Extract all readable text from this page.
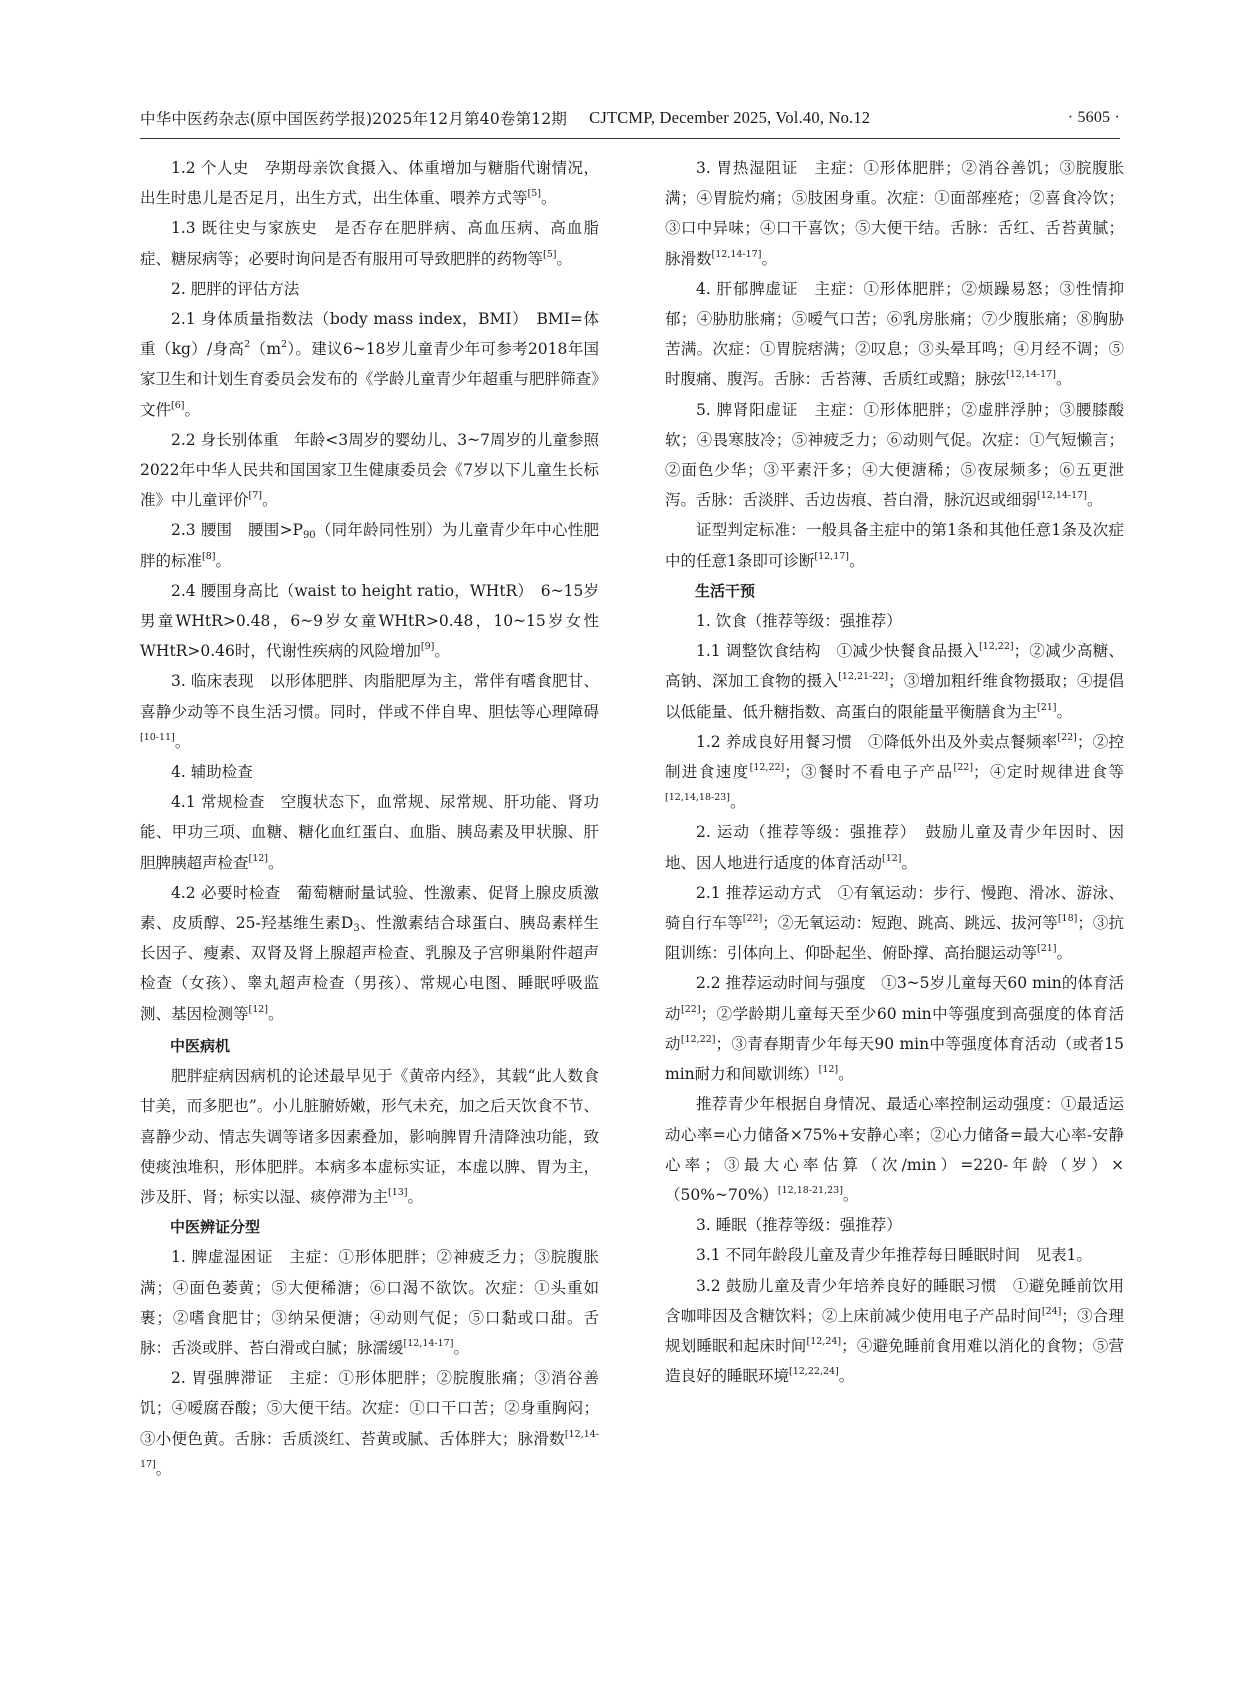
中华中医药杂志(原中国医药学报)2025年12月第40卷第12期 CJTCMP, December 2025, Vol.40, No.12	· 5605 ·

1.2 个人史　孕期母亲饮食摄入、体重增加与糖脂代谢情况，出生时患儿是否足月，出生方式，出生体重、喂养方式等[5]。

1.3 既往史与家族史　是否存在肥胖病、高血压病、高血脂症、糖尿病等；必要时询问是否有服用可导致肥胖的药物等[5]。

2. 肥胖的评估方法

2.1 身体质量指数法（body mass index，BMI）　BMI=体重（kg）/身高$^2$（m$^2$）。建议6~18岁儿童青少年可参考2018年国家卫生和计划生育委员会发布的《学龄儿童青少年超重与肥胖筛查》文件[6]。

2.2 身长别体重　年龄<3周岁的婴幼儿、3~7周岁的儿童参照2022年中华人民共和国国家卫生健康委员会《7岁以下儿童生长标准》中儿童评价[7]。

2.3 腰围　腰围$>P_{90}$（同年龄同性别）为儿童青少年中心性肥胖的标准[8]。

2.4 腰围身高比（waist to height ratio，WHtR）　6~15岁男童WHtR>0.48，6~9岁女童WHtR>0.48，10~15岁女性WHtR>0.46时，代谢性疾病的风险增加[9]。

3. 临床表现　以形体肥胖、肉脂肥厚为主，常伴有嗜食肥甘、喜静少动等不良生活习惯。同时，伴或不伴自卑、胆怯等心理障碍[10-11]。

4. 辅助检查

4.1 常规检查　空腹状态下，血常规、尿常规、肝功能、肾功能、甲功三项、血糖、糖化血红蛋白、血脂、胰岛素及甲状腺、肝胆脾胰超声检查[12]。

4.2 必要时检查　葡萄糖耐量试验、性激素、促肾上腺皮质激素、皮质醇、25-羟基维生素$D_3$、性激素结合球蛋白、胰岛素样生长因子、瘦素、双肾及肾上腺超声检查、乳腺及子宫卵巢附件超声检查（女孩）、睾丸超声检查（男孩）、常规心电图、睡眠呼吸监测、基因检测等[12]。

中医病机

肥胖症病因病机的论述最早见于《黄帝内经》，其载“此人数食甘美，而多肥也”。小儿脏腑娇嫩，形气未充，加之后天饮食不节、喜静少动、情志失调等诸多因素叠加，影响脾胃升清降浊功能，致使痰浊堆积，形体肥胖。本病多本虚标实证，本虚以脾、胃为主，涉及肝、肾；标实以湿、痰停滞为主[13]。

中医辨证分型

1. 脾虚湿困证　主症：①形体肥胖；②神疲乏力；③脘腹胀满；④面色萎黄；⑤大便稀溏；⑥口渴不欲饮。次症：①头重如裹；②嗜食肥甘；③纳呆便溏；④动则气促；⑤口黏或口甜。舌脉：舌淡或胖、苔白滑或白腻；脉濡缓[12,14-17]。

2. 胃强脾滞证　主症：①形体肥胖；②脘腹胀痛；③消谷善饥；④嗳腐吞酸；⑤大便干结。次症：①口干口苦；②身重胸闷；③小便色黄。舌脉：舌质淡红、苔黄或腻、舌体胖大；脉滑数[12,14-17]。

3. 胃热湿阻证　主症：①形体肥胖；②消谷善饥；③脘腹胀满；④胃脘灼痛；⑤肢困身重。次症：①面部痤疮；②喜食冷饮；③口中异味；④口干喜饮；⑤大便干结。舌脉：舌红、舌苔黄腻；脉滑数[12,14-17]。

4. 肝郁脾虚证　主症：①形体肥胖；②烦躁易怒；③性情抑郁；④胁肋胀痛；⑤嗳气口苦；⑥乳房胀痛；⑦少腹胀痛；⑧胸胁苦满。次症：①胃脘痞满；②叹息；③头晕耳鸣；④月经不调；⑤时腹痛、腹泻。舌脉：舌苔薄、舌质红或黯；脉弦[12,14-17]。

5. 脾肾阳虚证　主症：①形体肥胖；②虚胖浮肿；③腰膝酸软；④畏寒肢冷；⑤神疲乏力；⑥动则气促。次症：①气短懒言；②面色少华；③平素汗多；④大便溏稀；⑤夜尿频多；⑥五更泄泻。舌脉：舌淡胖、舌边齿痕、苔白滑，脉沉迟或细弱[12,14-17]。

证型判定标准：一般具备主症中的第1条和其他任意1条及次症中的任意1条即可诊断[12,17]。

生活干预

1. 饮食（推荐等级：强推荐）

1.1 调整饮食结构　①减少快餐食品摄入[12,22]；②减少高糖、高钠、深加工食物的摄入[12,21-22]；③增加粗纤维食物摄取；④提倡以低能量、低升糖指数、高蛋白的限能量平衡膳食为主[21]。

1.2 养成良好用餐习惯　①降低外出及外卖点餐频率[22]；②控制进食速度[12,22]；③餐时不看电子产品[22]；④定时规律进食等[12,14,18-23]。

2. 运动（推荐等级：强推荐）　鼓励儿童及青少年因时、因地、因人地进行适度的体育活动[12]。

2.1 推荐运动方式　①有氧运动：步行、慢跑、滑冰、游泳、骑自行车等[22]；②无氧运动：短跑、跳高、跳远、拔河等[18]；③抗阻训练：引体向上、仰卧起坐、俯卧撑、高抬腿运动等[21]。

2.2 推荐运动时间与强度　①3~5岁儿童每天60 min的体育活动[22]；②学龄期儿童每天至少60 min中等强度到高强度的体育活动[12,22]；③青春期青少年每天90 min中等强度体育活动（或者15 min耐力和间歇训练）[12]。

推荐青少年根据自身情况、最适心率控制运动强度：①最适运动心率=心力储备×75%+安静心率；②心力储备=最大心率-安静心率；③最大心率估算（次/min）=220-年龄（岁）×（50%~70%）[12,18-21,23]。

3. 睡眠（推荐等级：强推荐）

3.1 不同年龄段儿童及青少年推荐每日睡眠时间　见表1。

3.2 鼓励儿童及青少年培养良好的睡眠习惯　①避免睡前饮用含咖啡因及含糖饮料；②上床前减少使用电子产品时间[24]；③合理规划睡眠和起床时间[12,24]；④避免睡前食用难以消化的食物；⑤营造良好的睡眠环境[12,22,24]。
